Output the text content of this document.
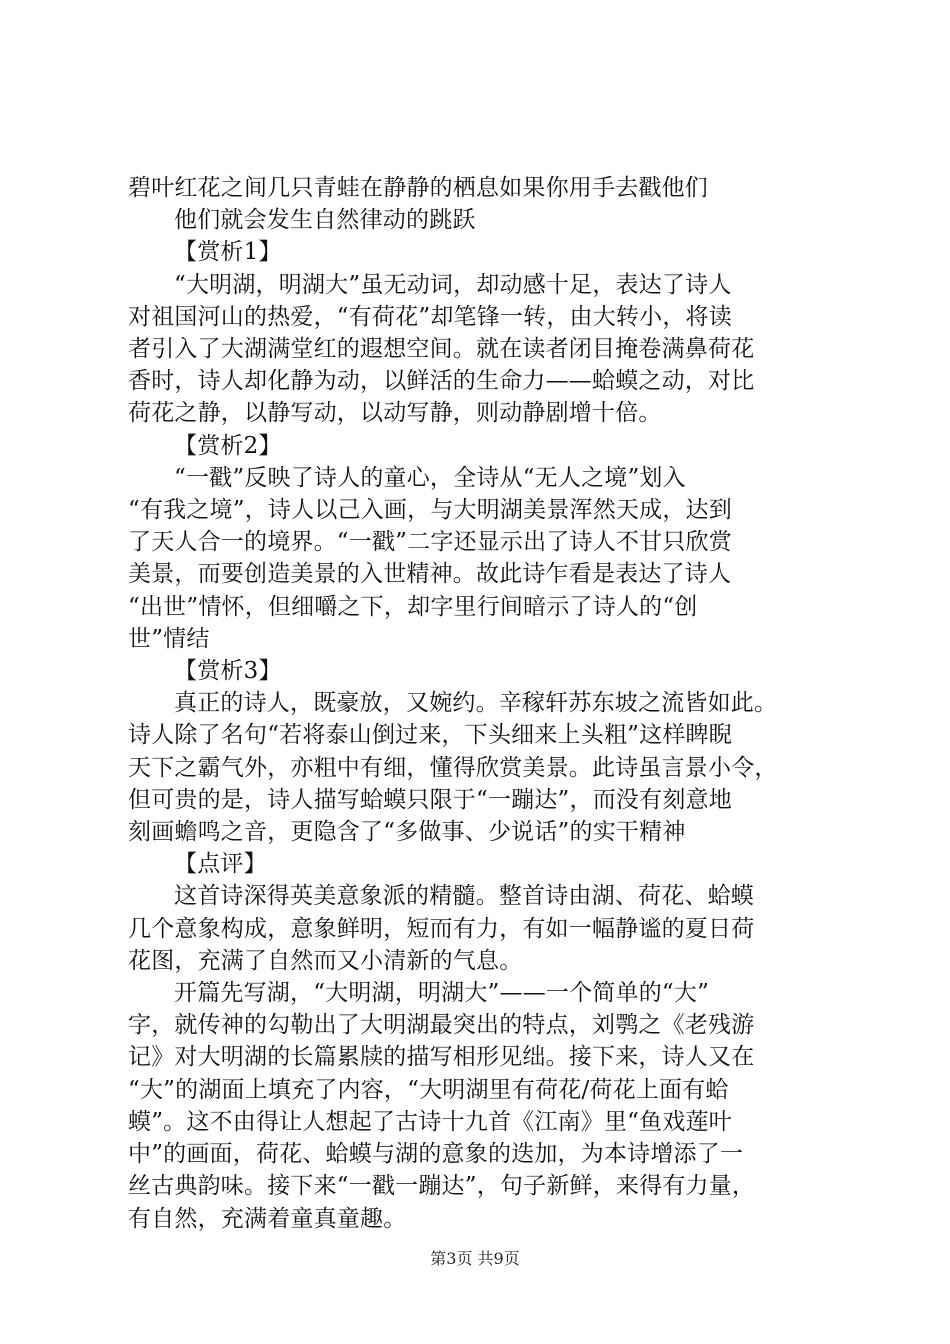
碧叶红花之间几只青蛙在静静的栖息如果你用手去戳他们
他们就会发生自然律动的跳跃
【赏析1】
“大明湖，明湖大”虽无动词，却动感十足，表达了诗人
对祖国河山的热爱，“有荷花”却笔锋一转，由大转小，将读
者引入了大湖满堂红的遐想空间。就在读者闭目掩卷满鼻荷花
香时，诗人却化静为动，以鲜活的生命力——蛤蟆之动，对比
荷花之静，以静写动，以动写静，则动静剧增十倍。
【赏析2】
“一戳”反映了诗人的童心，全诗从“无人之境”划入
“有我之境”，诗人以己入画，与大明湖美景浑然天成，达到
了天人合一的境界。“一戳”二字还显示出了诗人不甘只欣赏
美景，而要创造美景的入世精神。故此诗乍看是表达了诗人
“出世”情怀，但细嚼之下，却字里行间暗示了诗人的“创
世”情结
【赏析3】
真正的诗人，既豪放，又婉约。辛稼轩苏东坡之流皆如此。
诗人除了名句“若将泰山倒过来，下头细来上头粗”这样睥睨
天下之霸气外，亦粗中有细，懂得欣赏美景。此诗虽言景小令，
但可贵的是，诗人描写蛤蟆只限于“一蹦达”，而没有刻意地
刻画蟾鸣之音，更隐含了“多做事、少说话”的实干精神
【点评】
这首诗深得英美意象派的精髓。整首诗由湖、荷花、蛤蟆
几个意象构成，意象鲜明，短而有力，有如一幅静谧的夏日荷
花图，充满了自然而又小清新的气息。
开篇先写湖，“大明湖，明湖大”——一个简单的“大”
字，就传神的勾勒出了大明湖最突出的特点，刘鹗之《老残游
记》对大明湖的长篇累牍的描写相形见绌。接下来，诗人又在
“大”的湖面上填充了内容，“大明湖里有荷花/荷花上面有蛤
蟆”。这不由得让人想起了古诗十九首《江南》里“鱼戏莲叶
中”的画面，荷花、蛤蟆与湖的意象的迭加，为本诗增添了一
丝古典韵味。接下来“一戳一蹦达”，句子新鲜，来得有力量，
有自然，充满着童真童趣。
第3页 共9页
